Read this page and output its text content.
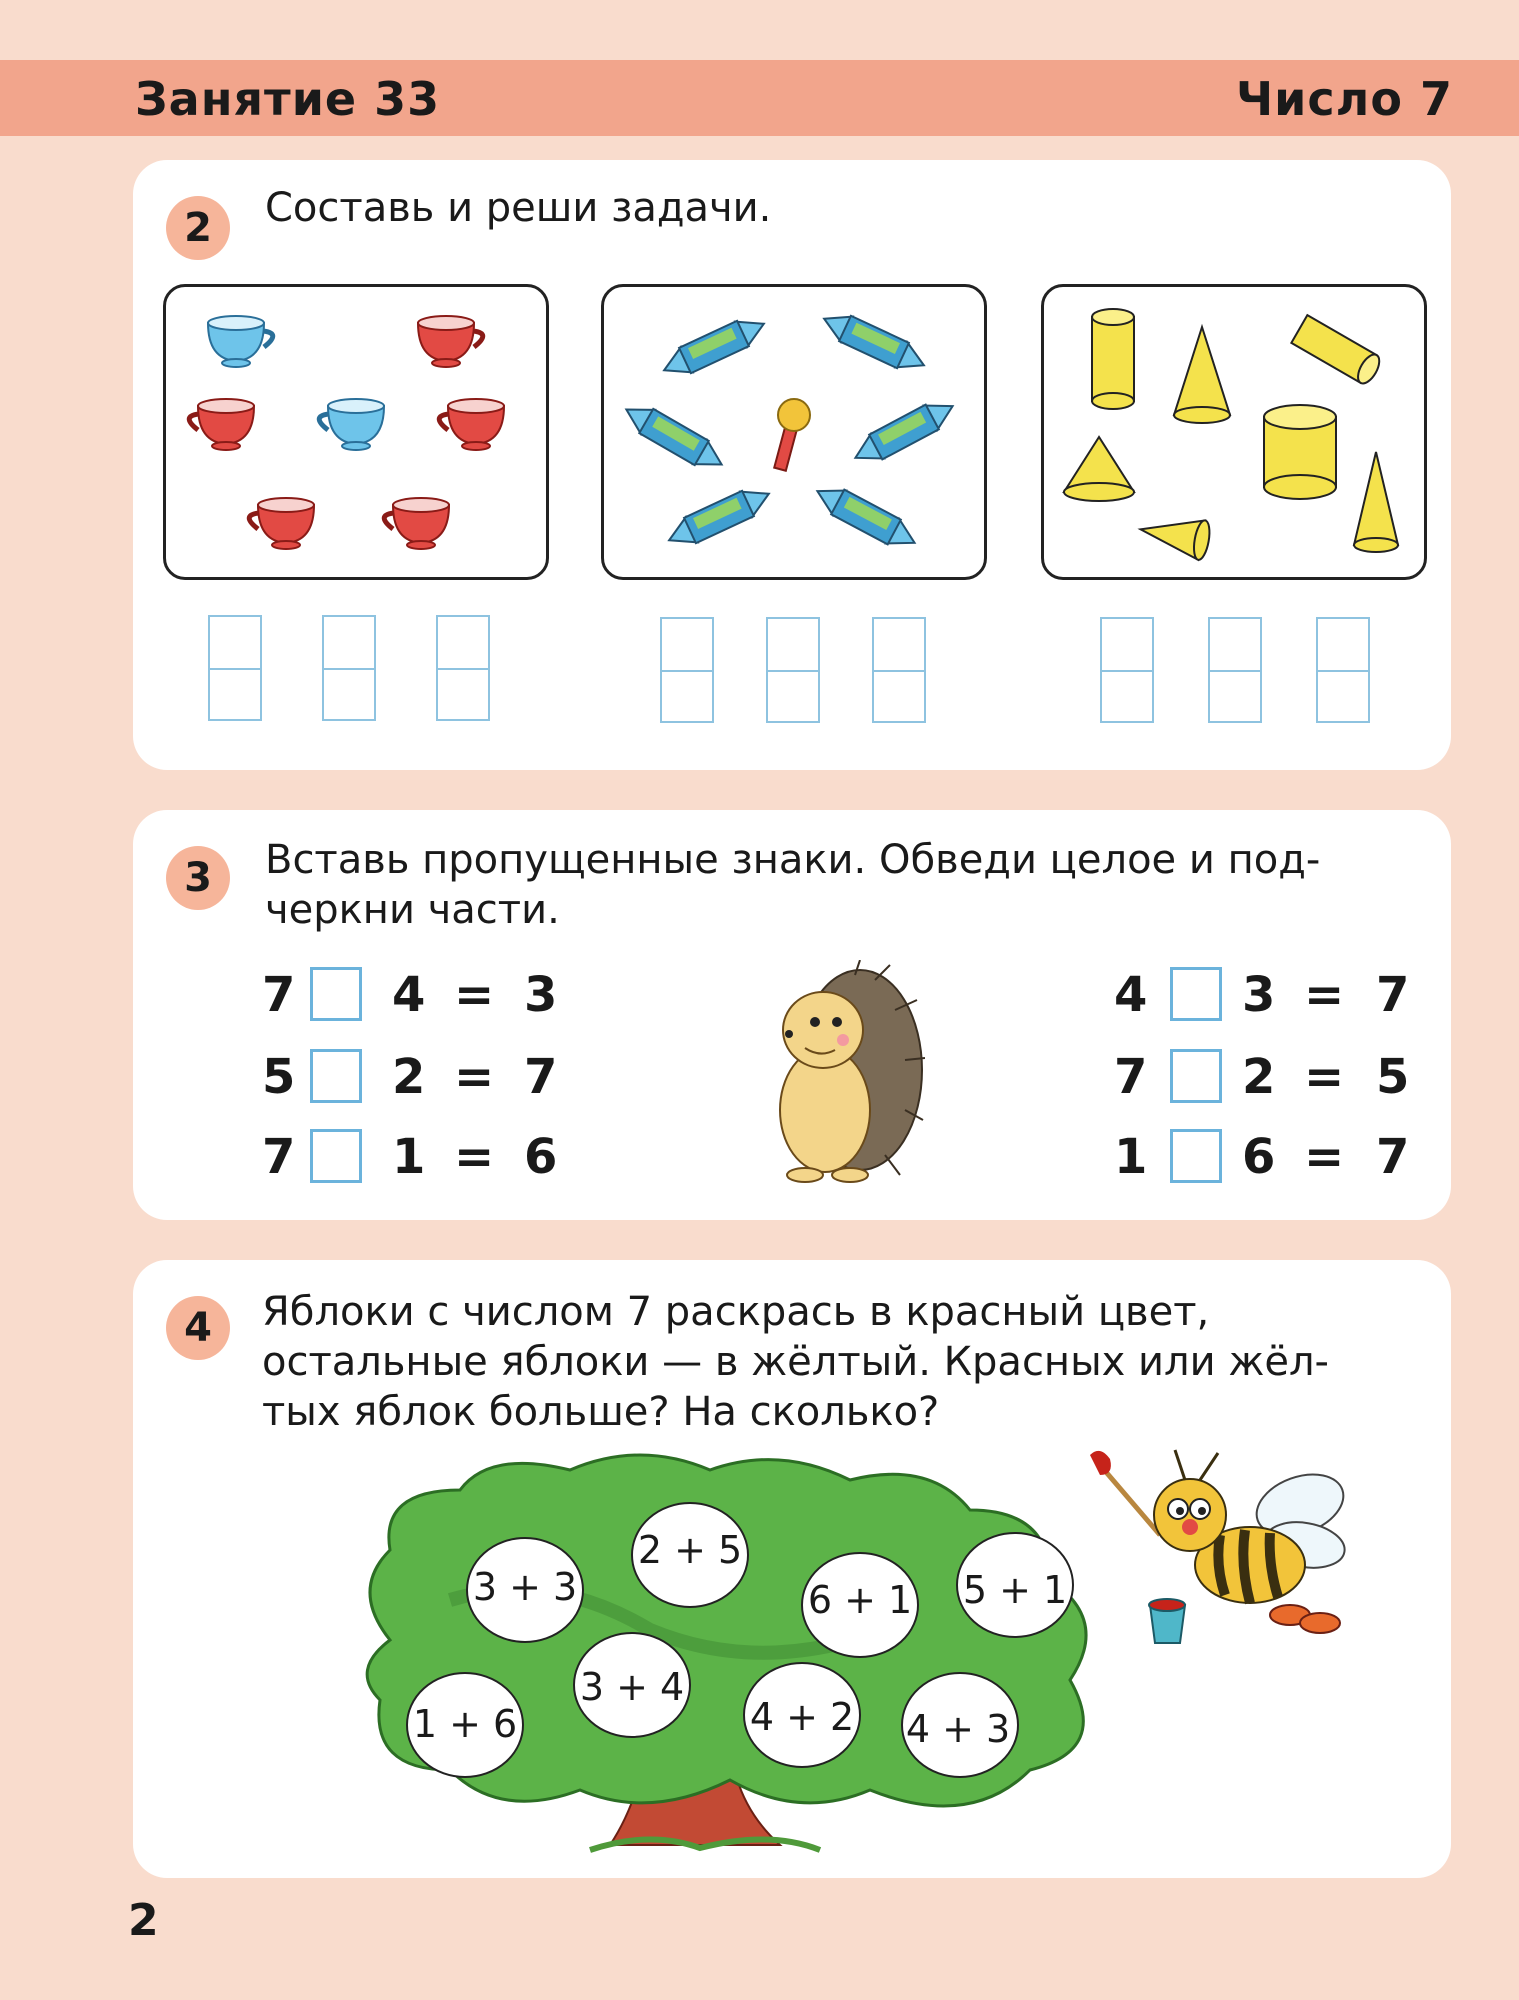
Занятие 33	Число 7
2	Составь и реши задачи.
3	Вставь пропущенные знаки. Обведи целое и под-
черкни части.
7 4 = 3
5 2 = 7
7 1 = 6
4 3 = 7
7 2 = 5
1 6 = 7
4	Яблоки с числом 7 раскрась в красный цвет,
остальные яблоки — в жёлтый. Красных или жёл-
тых яблок больше? На сколько?
3 + 3
2 + 5
6 + 1 5 + 1
1 + 6
3 + 4
4 + 2 4 + 3
2
